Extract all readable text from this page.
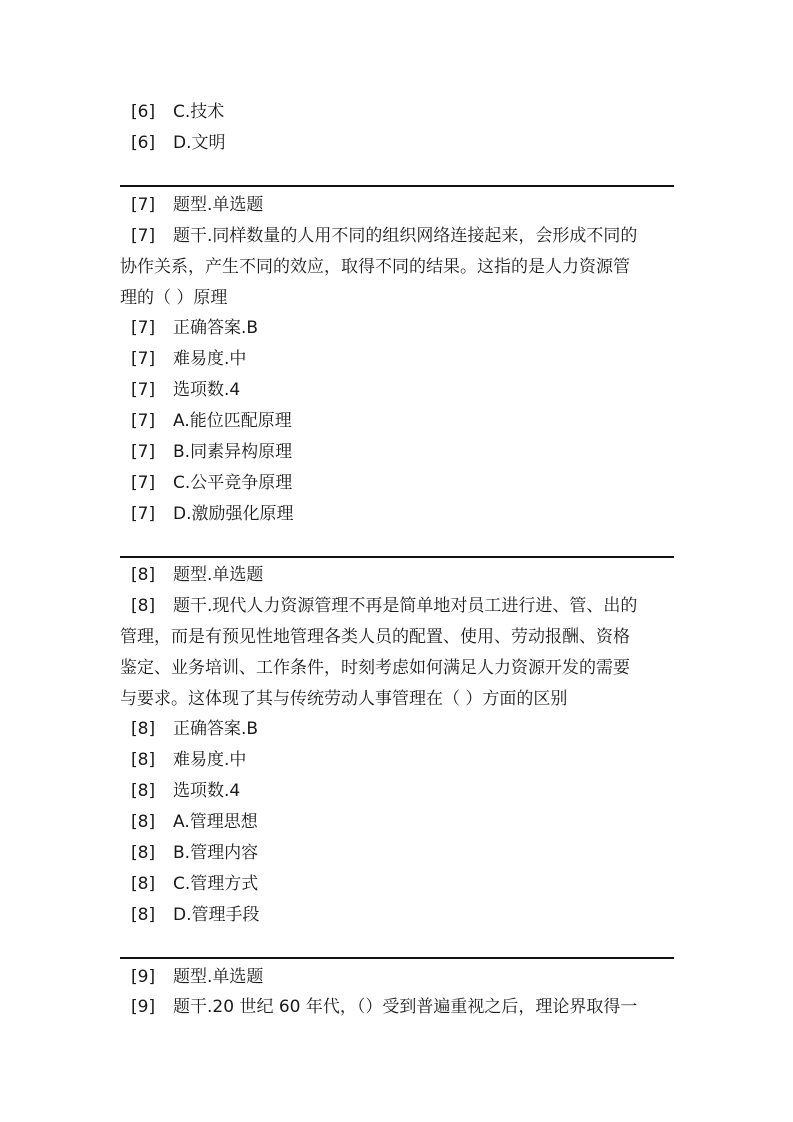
[6] C.技术
[6] D.文明
[7] 题型.单选题
[7] 题干.同样数量的人用不同的组织网络连接起来，会形成不同的
协作关系，产生不同的效应，取得不同的结果。这指的是人力资源管
理的（ ）原理
[7] 正确答案.B
[7] 难易度.中
[7] 选项数.4
[7] A.能位匹配原理
[7] B.同素异构原理
[7] C.公平竞争原理
[7] D.激励强化原理
[8] 题型.单选题
[8] 题干.现代人力资源管理不再是简单地对员工进行进、管、出的
管理，而是有预见性地管理各类人员的配置、使用、劳动报酬、资格
鉴定、业务培训、工作条件，时刻考虑如何满足人力资源开发的需要
与要求。这体现了其与传统劳动人事管理在（ ）方面的区别
[8] 正确答案.B
[8] 难易度.中
[8] 选项数.4
[8] A.管理思想
[8] B.管理内容
[8] C.管理方式
[8] D.管理手段
[9] 题型.单选题
[9] 题干.20 世纪 60 年代，（）受到普遍重视之后，理论界取得一
